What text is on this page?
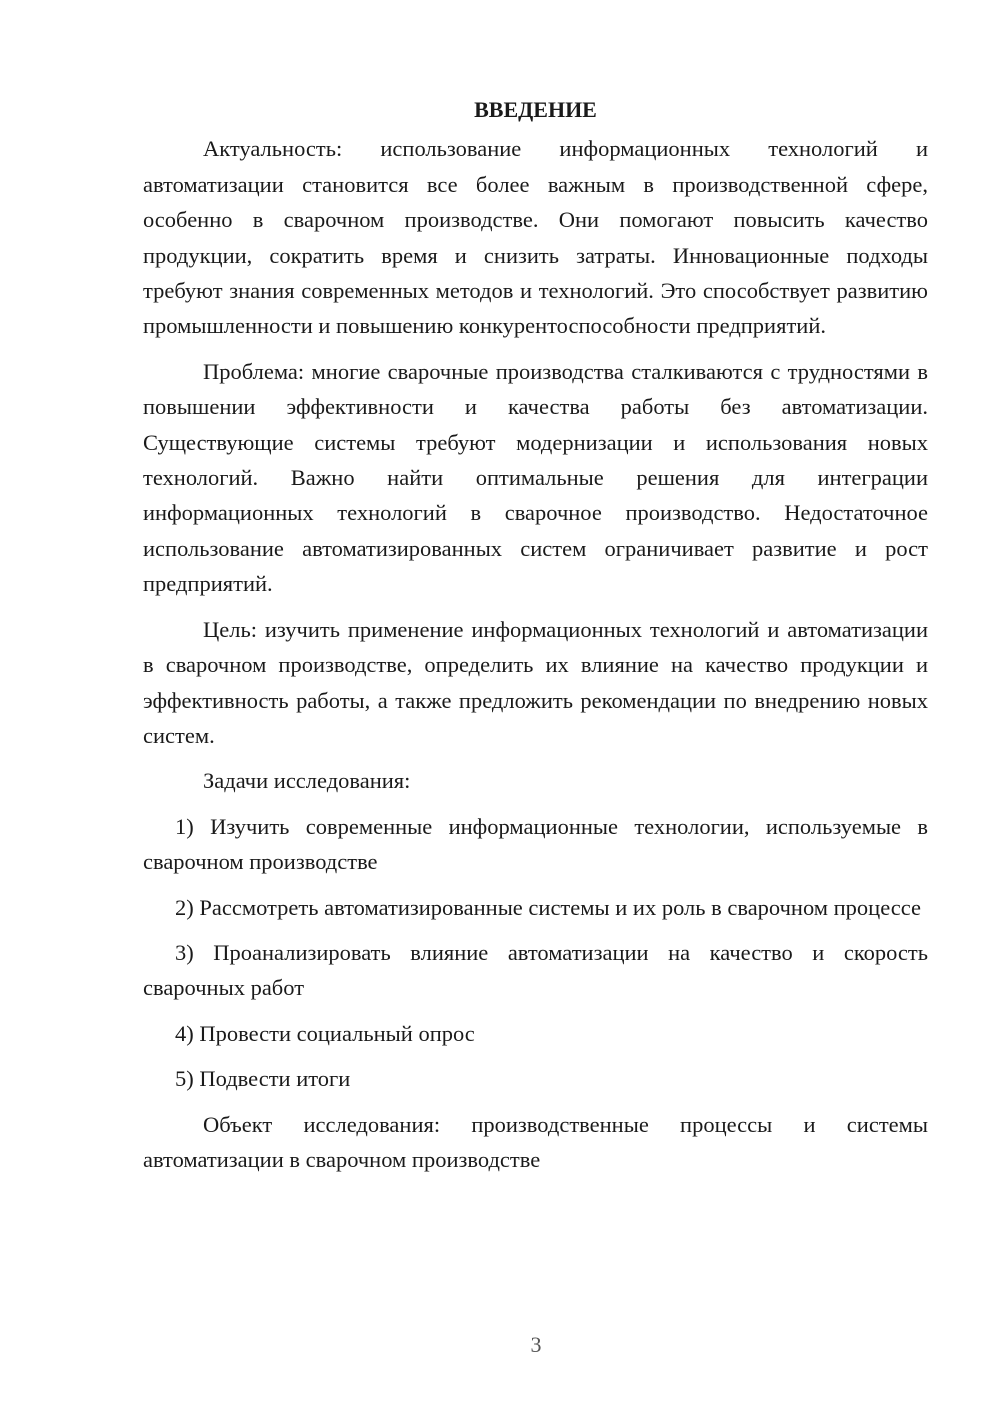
ВВЕДЕНИЕ

Актуальность: использование информационных технологий и автоматизации становится все более важным в производственной сфере, особенно в сварочном производстве. Они помогают повысить качество продукции, сократить время и снизить затраты. Инновационные подходы требуют знания современных методов и технологий. Это способствует развитию промышленности и повышению конкурентоспособности предприятий.

Проблема: многие сварочные производства сталкиваются с трудностями в повышении эффективности и качества работы без автоматизации. Существующие системы требуют модернизации и использования новых технологий. Важно найти оптимальные решения для интеграции информационных технологий в сварочное производство. Недостаточное использование автоматизированных систем ограничивает развитие и рост предприятий.

Цель: изучить применение информационных технологий и автоматизации в сварочном производстве, определить их влияние на качество продукции и эффективность работы, а также предложить рекомендации по внедрению новых систем.

Задачи исследования:

1) Изучить современные информационные технологии, используемые в сварочном производстве

2) Рассмотреть автоматизированные системы и их роль в сварочном процессе

3) Проанализировать влияние автоматизации на качество и скорость сварочных работ

4) Провести социальный опрос

5) Подвести итоги

Объект исследования: производственные процессы и системы автоматизации в сварочном производстве

3
